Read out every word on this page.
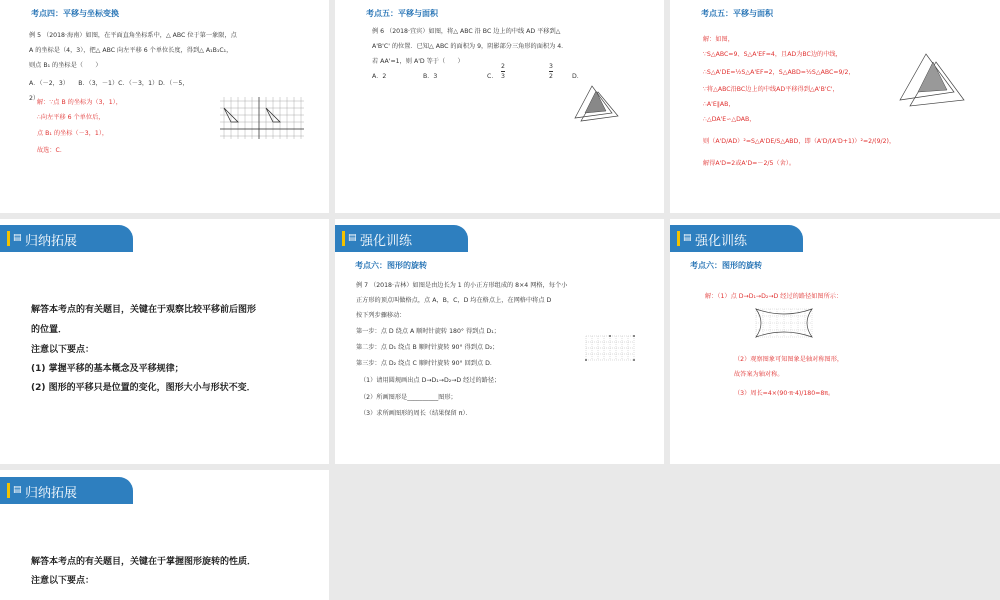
考点四：平移与坐标变换
例 5 （2018·海南）如图，在平面直角坐标系中，△ ABC 位于第一象限，点
A 的坐标是（4，3），把△ ABC 向左平移 6 个单位长度，得到△ A₁B₁C₁，
则点 B₁ 的坐标是（　　）
A．（－2，3）　　B．（3，－1）C．（－3，1）D．（－5，
2）
解：∵点 B 的坐标为（3，1），
∴向左平移 6 个单位后，
点 B₁ 的坐标（－3，1），
故选：C．
考点五：平移与面积
例 6 （2018·宜宾）如图，将△ ABC 沿 BC 边上的中线 AD 平移到△
A'B'C' 的位置．已知△ ABC 的面积为 9，阴影部分三角形的面积为 4．
若 AA'=1，则 A'D 等于（　　）
A．2	B．3	C．
2
3
3
2	D．
考点五：平移与面积
解：如图，
∵S△ABC=9、S△A'EF=4，且AD为BC边的中线，
∴S△A'DE=½S△A'EF=2，S△ABD=½S△ABC=9/2，
∵将△ABC沿BC边上的中线AD平移得到△A'B'C'，
∴A'E∥AB，
∴△DA'E∽△DAB，
则（A'D/AD）²=S△A'DE/S△ABD，即（A'D/(A'D+1)）²=2/(9/2)，
解得A'D=2或A'D=－2/5（舍）。
▤ 归纳拓展
解答本考点的有关题目，关键在于观察比较平移前后图形
的位置．
注意以下要点：
(1) 掌握平移的基本概念及平移规律；
(2) 图形的平移只是位置的变化，图形大小与形状不变．
▤ 强化训练
考点六：图形的旋转
例 7 （2018·吉林）如图是由边长为 1 的小正方形组成的 8×4 网格，每个小
正方形的顶点叫做格点，点 A，B，C，D 均在格点上，在网格中将点 D
按下列步骤移动：
第一步：点 D 绕点 A 顺时针旋转 180° 得到点 D₁；
第二步：点 D₁ 绕点 B 顺时针旋转 90° 得到点 D₂；
第三步：点 D₂ 绕点 C 顺时针旋转 90° 回到点 D．
（1）请用圆规画出点 D→D₁→D₂→D 经过的路径；
（2）所画图形是__________图形；
（3）求所画图形的周长（结果保留 π）．
▤ 强化训练
考点六：图形的旋转
解：（1）点 D→D₁→D₂→D 经过的路径如图所示：
（2）观察图象可知图象是轴对称图形，
故答案为轴对称。
（3）周长=4×(90·π·4)/180=8π。
▤ 归纳拓展
解答本考点的有关题目，关键在于掌握图形旋转的性质．
注意以下要点：
